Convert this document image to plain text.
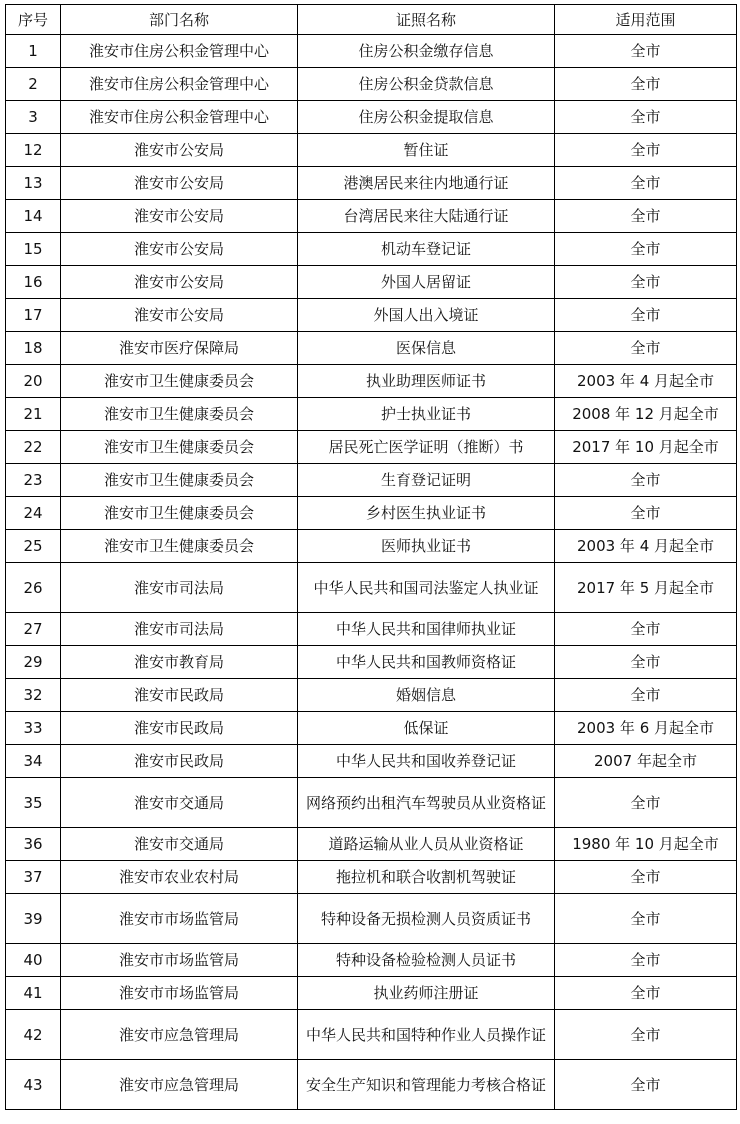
序号	部门名称	证照名称	适用范围
1	淮安市住房公积金管理中心	住房公积金缴存信息	全市
2	淮安市住房公积金管理中心	住房公积金贷款信息	全市
3	淮安市住房公积金管理中心	住房公积金提取信息	全市
12	淮安市公安局	暂住证	全市
13	淮安市公安局	港澳居民来往内地通行证	全市
14	淮安市公安局	台湾居民来往大陆通行证	全市
15	淮安市公安局	机动车登记证	全市
16	淮安市公安局	外国人居留证	全市
17	淮安市公安局	外国人出入境证	全市
18	淮安市医疗保障局	医保信息	全市
20	淮安市卫生健康委员会	执业助理医师证书	2003 年 4 月起全市
21	淮安市卫生健康委员会	护士执业证书	2008 年 12 月起全市
22	淮安市卫生健康委员会	居民死亡医学证明（推断）书	2017 年 10 月起全市
23	淮安市卫生健康委员会	生育登记证明	全市
24	淮安市卫生健康委员会	乡村医生执业证书	全市
25	淮安市卫生健康委员会	医师执业证书	2003 年 4 月起全市
26	淮安市司法局	中华人民共和国司法鉴定人执业证	2017 年 5 月起全市
27	淮安市司法局	中华人民共和国律师执业证	全市
29	淮安市教育局	中华人民共和国教师资格证	全市
32	淮安市民政局	婚姻信息	全市
33	淮安市民政局	低保证	2003 年 6 月起全市
34	淮安市民政局	中华人民共和国收养登记证	2007 年起全市
35	淮安市交通局	网络预约出租汽车驾驶员从业资格证	全市
36	淮安市交通局	道路运输从业人员从业资格证	1980 年 10 月起全市
37	淮安市农业农村局	拖拉机和联合收割机驾驶证	全市
39	淮安市市场监管局	特种设备无损检测人员资质证书	全市
40	淮安市市场监管局	特种设备检验检测人员证书	全市
41	淮安市市场监管局	执业药师注册证	全市
42	淮安市应急管理局	中华人民共和国特种作业人员操作证	全市
43	淮安市应急管理局	安全生产知识和管理能力考核合格证	全市
